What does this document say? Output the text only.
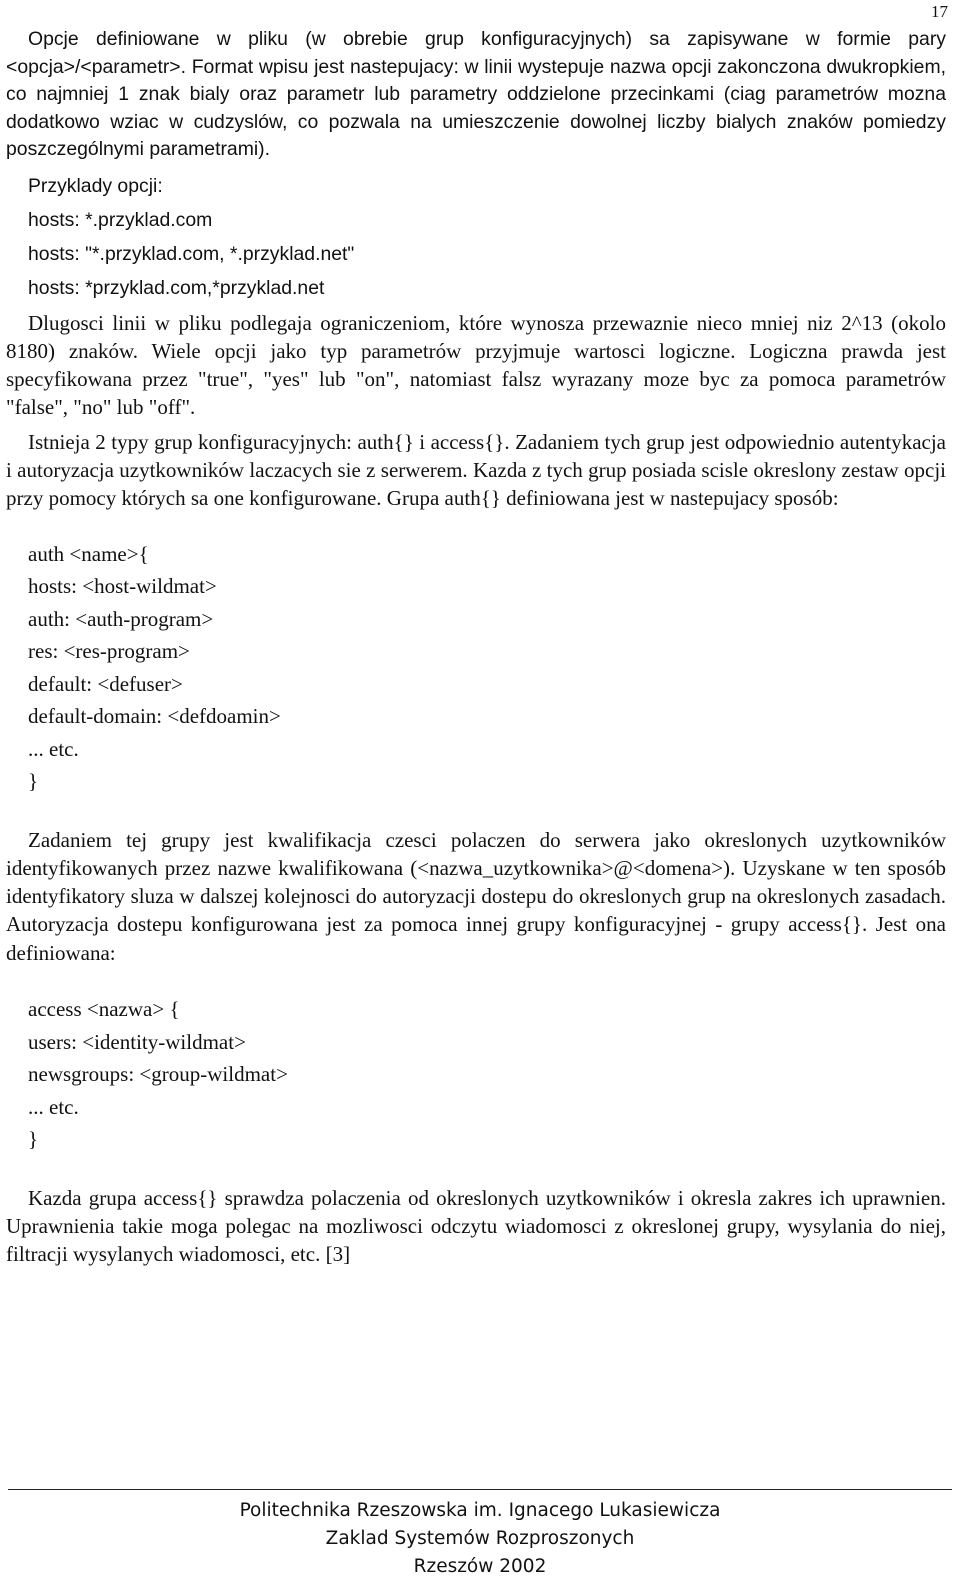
17

Opcje definiowane w pliku (w obrebie grup konfiguracyjnych) sa zapisywane w formie pary <opcja>/<parametr>. Format wpisu jest nastepujacy: w linii wystepuje nazwa opcji zakonczona dwukropkiem, co najmniej 1 znak bialy oraz parametr lub parametry oddzielone przecinkami (ciag parametrów mozna dodatkowo wziac w cudzyslów, co pozwala na umieszczenie dowolnej liczby bialych znaków pomiedzy poszczególnymi parametrami).

Przyklady opcji:

hosts: *.przyklad.com

hosts: "*.przyklad.com, *.przyklad.net"

hosts: *przyklad.com,*przyklad.net

Dlugosci linii w pliku podlegaja ograniczeniom, które wynosza przewaznie nieco mniej niz 2^13 (okolo 8180) znaków. Wiele opcji jako typ parametrów przyjmuje wartosci logiczne. Logiczna prawda jest specyfikowana przez "true", "yes" lub "on", natomiast falsz wyrazany moze byc za pomoca parametrów "false", "no" lub "off".

Istnieja 2 typy grup konfiguracyjnych: auth{} i access{}. Zadaniem tych grup jest odpowiednio autentykacja i autoryzacja uzytkowników laczacych sie z serwerem. Kazda z tych grup posiada scisle okreslony zestaw opcji przy pomocy których sa one konfigurowane. Grupa auth{} definiowana jest w nastepujacy sposób:

auth <name>{
hosts: <host-wildmat>
auth: <auth-program>
res: <res-program>
default: <defuser>
default-domain: <defdoamin>
... etc.
}

Zadaniem tej grupy jest kwalifikacja czesci polaczen do serwera jako okreslonych uzytkowników identyfikowanych przez nazwe kwalifikowana (<nazwa_uzytkownika>@<domena>). Uzyskane w ten sposób identyfikatory sluza w dalszej kolejnosci do autoryzacji dostepu do okreslonych grup na okreslonych zasadach. Autoryzacja dostepu konfigurowana jest za pomoca innej grupy konfiguracyjnej - grupy access{}. Jest ona definiowana:

access <nazwa> {
users: <identity-wildmat>
newsgroups: <group-wildmat>
... etc.
}

Kazda grupa access{} sprawdza polaczenia od okreslonych uzytkowników i okresla zakres ich uprawnien. Uprawnienia takie moga polegac na mozliwosci odczytu wiadomosci z okreslonej grupy, wysylania do niej, filtracji wysylanych wiadomosci, etc. [3]

Politechnika Rzeszowska im. Ignacego Lukasiewicza
Zaklad Systemów Rozproszonych
Rzeszów 2002
